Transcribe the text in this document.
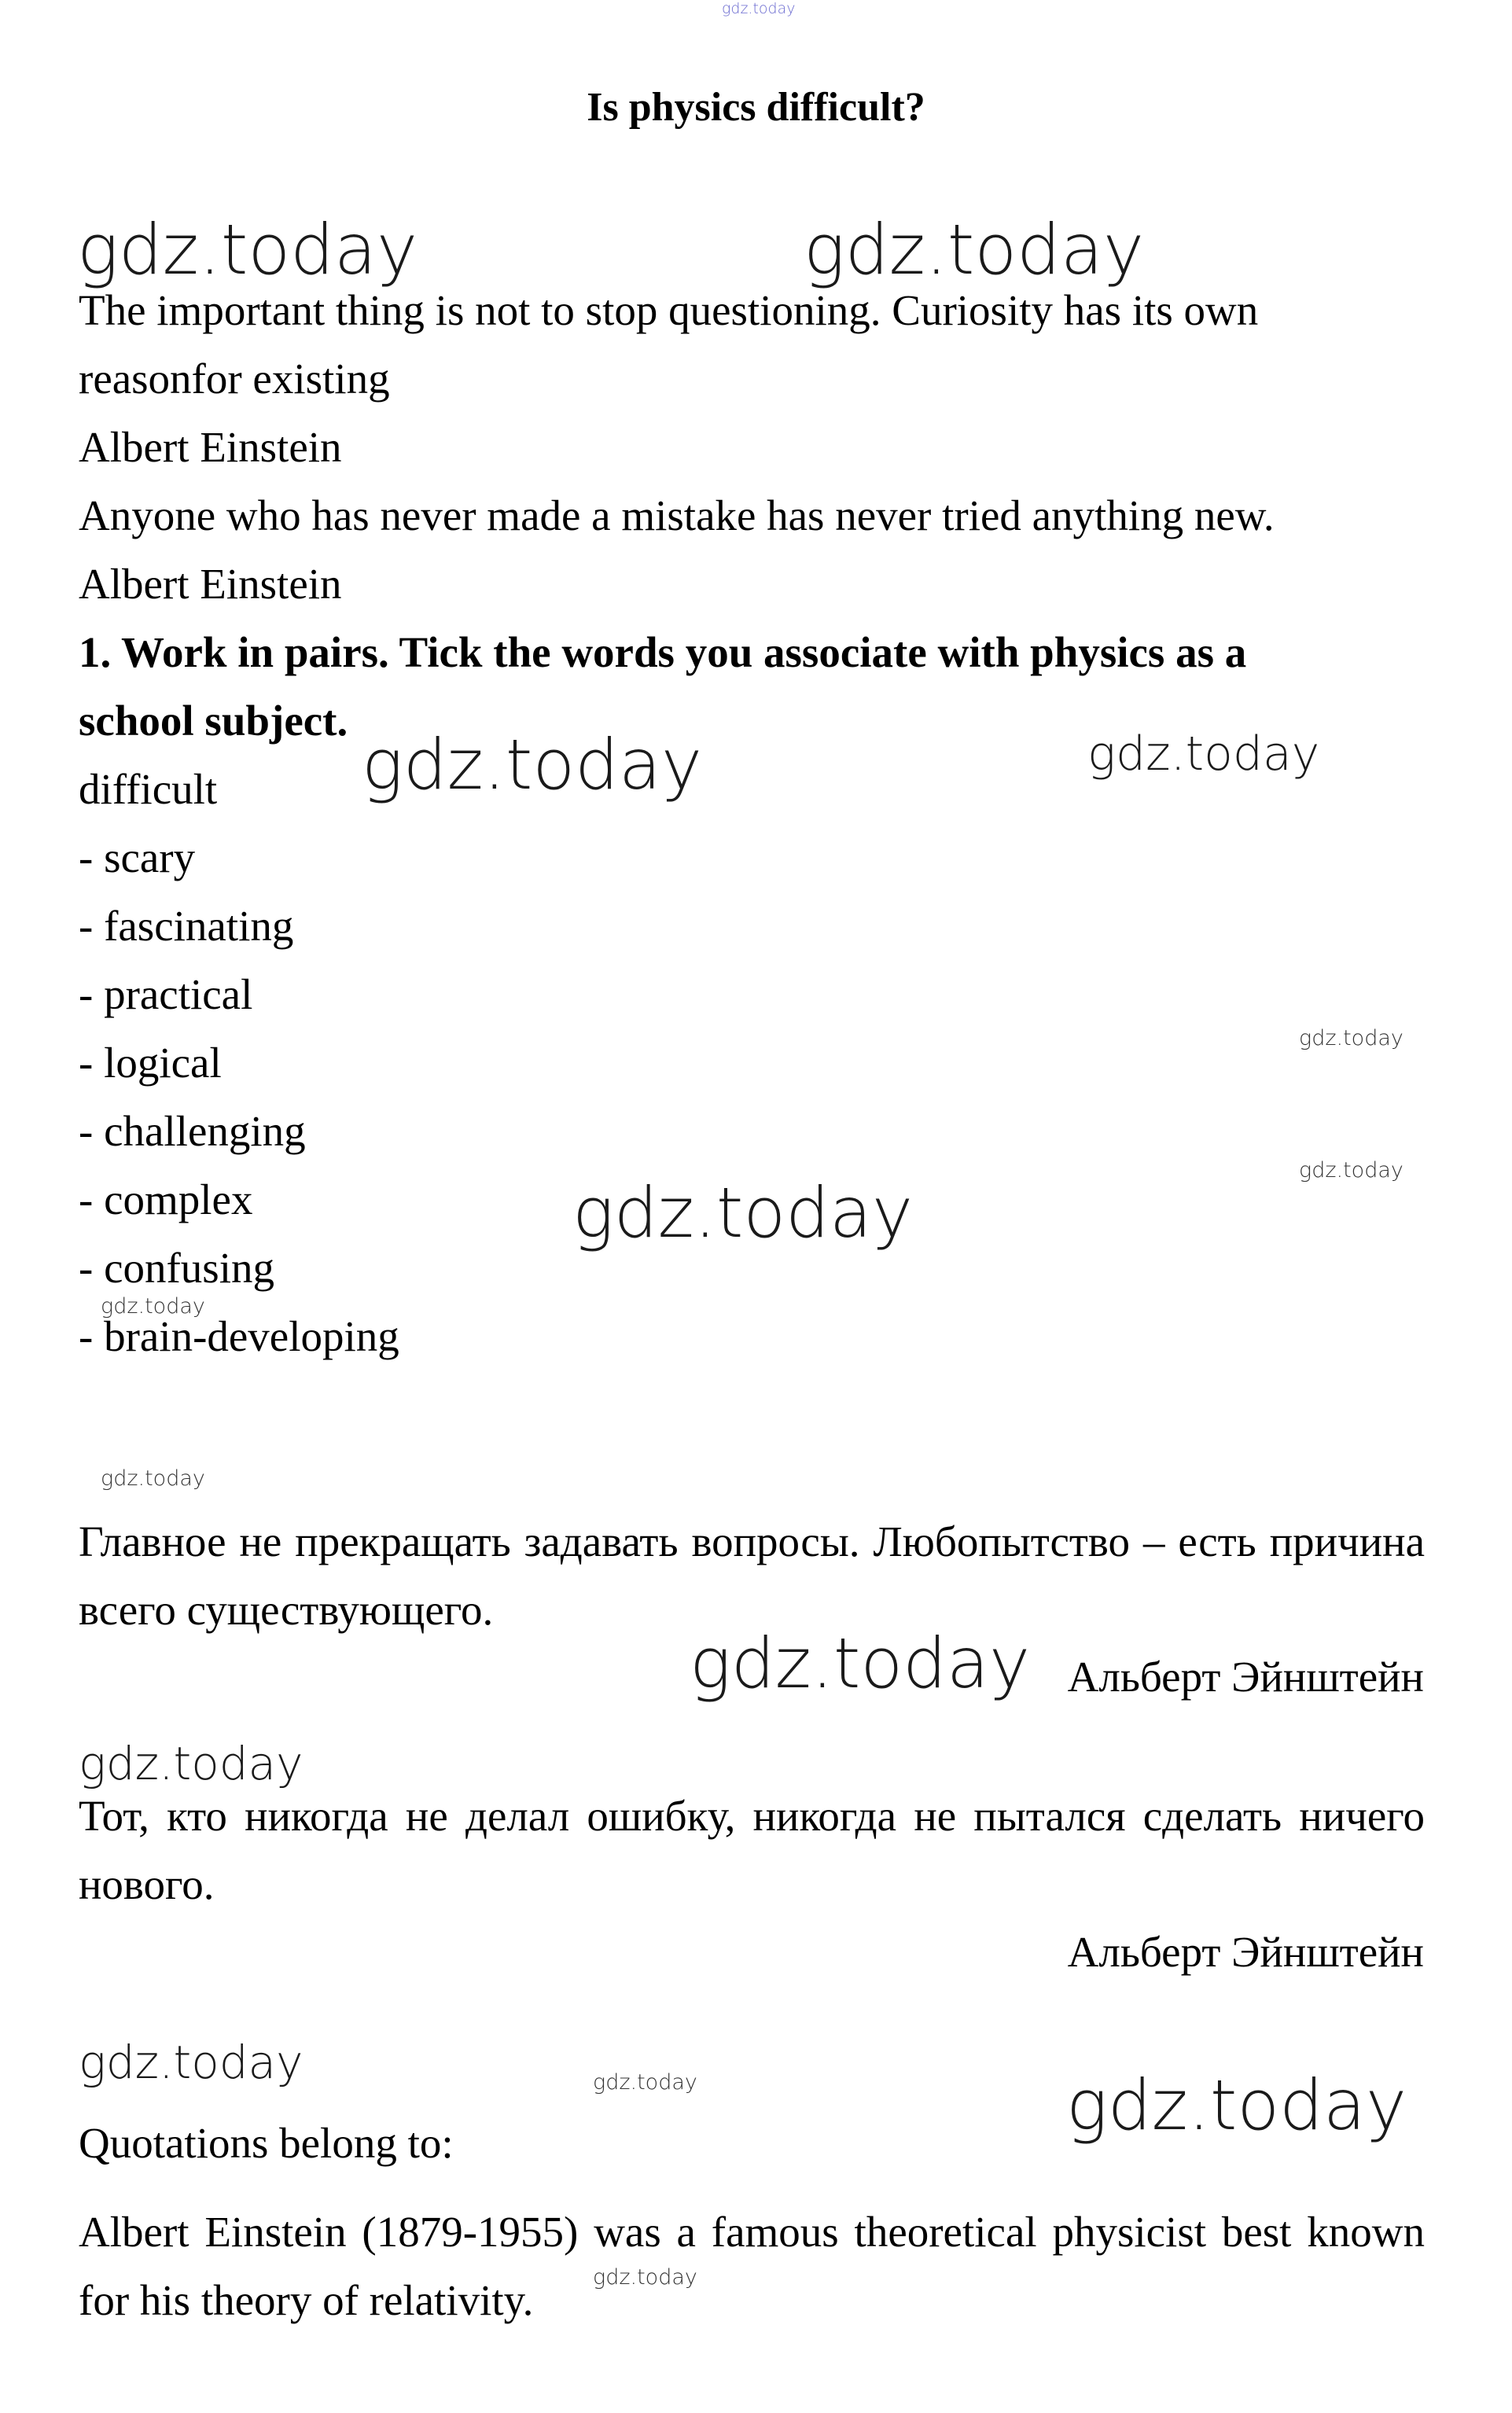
gdz.today
gdz.today	gdz.today
gdz.today	gdz.today
gdz.today
gdz.today
gdz.today
gdz.today
gdz.today
gdz.today
gdz.today
gdz.today	gdz.today	gdz.today
gdz.today
Is physics difficult?

The important thing is not to stop questioning. Curiosity has its own

reasonfor existing

Albert Einstein

Anyone who has never made a mistake has never tried anything new.

Albert Einstein

1. Work in pairs. Tick the words you associate with physics as a

school subject.

difficult

- scary

- fascinating

- practical

- logical

- challenging

- complex

- confusing

- brain-developing

Главное не прекращать задавать вопросы. Любопытство – есть причина всего существующего.

Альберт Эйнштейн

Тот, кто никогда не делал ошибку, никогда не пытался сделать ничего нового.

Альберт Эйнштейн

Quotations belong to:

Albert Einstein (1879-1955) was a famous theoretical physicist best known for his theory of relativity.
